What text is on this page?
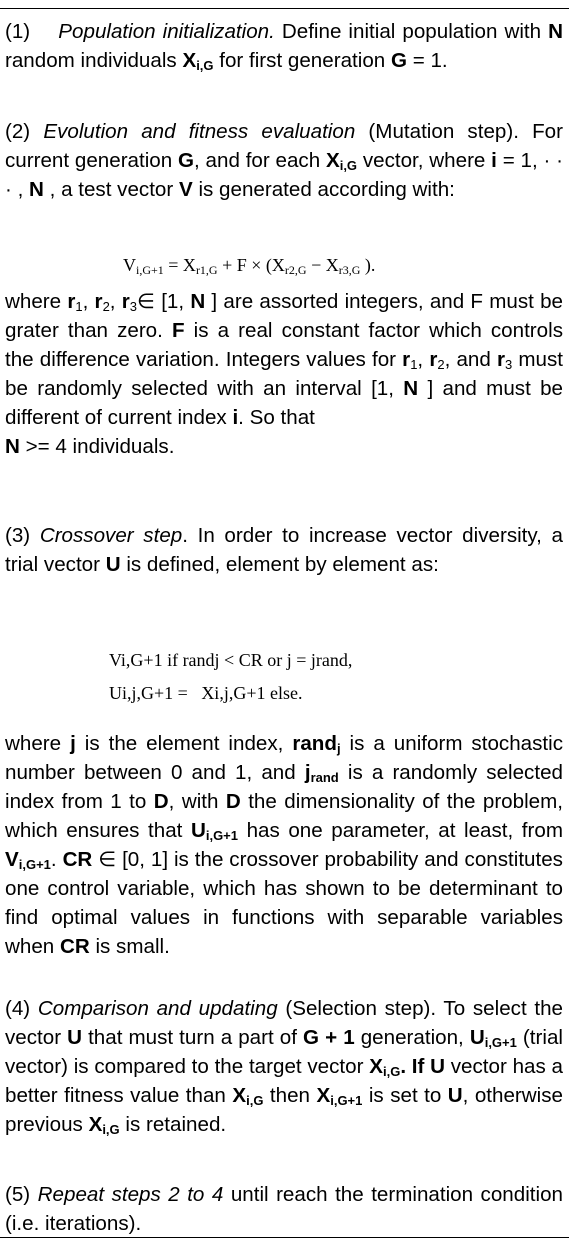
(1) Population initialization. Define initial population with N random individuals $X_{i,G}$ for first generation G = 1.
(2) Evolution and fitness evaluation (Mutation step). For current generation G, and for each $X_{i,G}$ vector, where i = 1, · · · , N , a test vector V is generated according with:
Vi,G+1 = Xr1,G + F × (Xr2,G − Xr3,G ).
where r1, r2, r3∈ [1, N ] are assorted integers, and F must be grater than zero. F is a real constant factor which controls the difference variation. Integers values for r1, r2, and r3 must be randomly selected with an interval [1, N ] and must be different of current index i. So that
N >= 4 individuals.
(3) Crossover step. In order to increase vector diversity, a trial vector U is defined, element by element as:
Vi,G+1 if randj < CR or j = jrand,
Ui,j,G+1 = Xi,j,G+1 else.
where j is the element index, rand$_j$ is a uniform stochastic number between 0 and 1, and $j_{rand}$ is a randomly selected index from 1 to D, with D the dimensionality of the problem, which ensures that $U_{i,G+1}$ has one parameter, at least, from $V_{i,G+1}$. CR ∈ [0, 1] is the crossover probability and constitutes one control variable, which has shown to be determinant to find optimal values in functions with separable variables when CR is small.
(4) Comparison and updating (Selection step). To select the vector U that must turn a part of G + 1 generation, $U_{i,G+1}$ (trial vector) is compared to the target vector $X_{i,G}$. If U vector has a better fitness value than $X_{i,G}$ then $X_{i,G+1}$ is set to U, otherwise previous $X_{i,G}$ is retained.
(5) Repeat steps 2 to 4 until reach the termination condition (i.e. iterations).
